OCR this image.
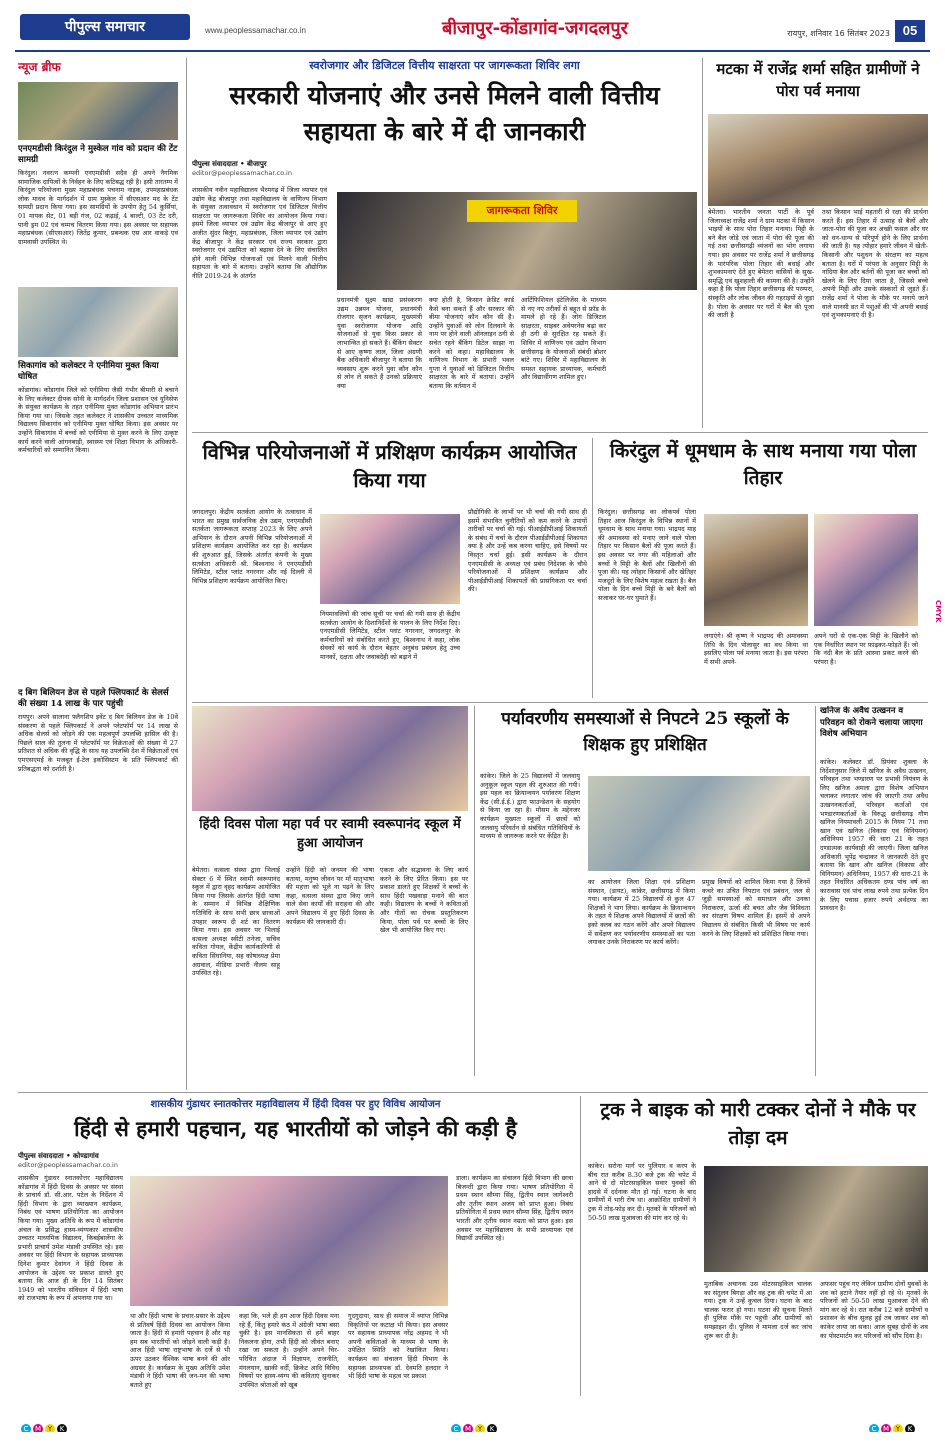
पीपुल्स समाचार	www.peoplessamachar.co.in	बीजापुर-कोंडागांव-जगदलपुर	रायपुर, शनिवार 16 सितंबर 2023 05
न्यूज ब्रीफ
एनएमडीसी किरंदुल ने मुस्केल गांव को प्रदान की टेंट सामग्री
किरंदुल। नवरत्न कम्पनी एनएमडीसी सदैव ही अपने नैगमिक सामाजिक दायित्वों के निर्वहन के लिए कटिबद्ध रही है। इसी तारतम्य में किरंदुल परियोजना मुख्य महाप्रबंधक पचनाम नाइक, उपमहाप्रबंधक लोक माधव के मार्गदर्शन में ग्राम मुस्केल में सीएसआर मद के टेंट सामग्री प्रदान किया गया। इस सामग्रियों के उपयोग हेतु 54 कुर्सियां, 01 मायक सेट, 01 बड़ी गंज, 02 कढ़ाई, 4 बाल्टी, 03 टेंट दरी, पानी ड्रम 02 एवं चम्मच वितरण किया गया। इस अवसर पर सहायक महाप्रबंधक (सीएसआर) जितेंद्र कुमार, प्रबन्धक एस आर वाकड़े एवं ग्रामवासी उपस्थित थे।
सिकागांव को कलेक्टर ने एनीमिया मुक्त किया घोषित
कोंडागांव। कोंडागांव जिले को एनीमिया जैसी गंभीर बीमारी से बचाने के लिए कलेक्टर दीपक सोनी के मार्गदर्शन जिला प्रशासन एवं यूनिसेफ के संयुक्त कार्यक्रम के तहत एनीमिया मुक्त कोंडागांव अभियान प्रारंभ किया गया था। जिसके तहत कलेक्टर ने शासकीय उच्चतर माध्यमिक विद्यालय सिकागांव को एनीमिया मुक्त घोषित किया। इस अवसर पर उन्होंने सिकागांव में बच्चों को एनीमिया से मुक्त करने के लिए उत्कृष्ट कार्य करने वाली आंगनबाड़ी, स्वास्थ्य एवं शिक्षा विभाग के अधिकारी-कर्मचारियों को सम्मानित किया।
द बिग बिलियन डेज से पहले फ्लिपकार्ट के सेलर्स की संख्या 14 लाख के पार पहुंची
रायपुर। अपने सालाना फ्लैगशिप इवेंट द बिग बिलियन डेज के 10वें संस्करण से पहले फ्लिपकार्ट ने अपने प्लेटफॉर्म पर 14 लाख से अधिक सेलर्स को जोड़ने की एक महत्वपूर्ण उपलब्धि हासिल की है। पिछले साल की तुलना में प्लेटफॉर्म पर विक्रेताओं की संख्या में 27 प्रतिशत से अधिक की वृद्धि के साथ यह उपलब्धि देश में विक्रेताओं एवं एमएसएमई के मजबूत ई-टेल इकोसिस्टम के प्रति फ्लिपकार्ट की प्रतिबद्धता को दर्शाती है।
स्वरोजगार और डिजिटल वित्तीय साक्षरता पर जागरूकता शिविर लगा
सरकारी योजनाएं और उनसे मिलने वाली वित्तीय सहायता के बारे में दी जानकारी
पीपुल्स संवाददाता • बीजापुर
editor@peoplessamachar.co.in
शासकीय नवीन महाविद्यालय भैरमगढ़ में जिला व्यापार एवं उद्योग केंद्र बीजापुर तथा महाविद्यालय के वाणिज्य विभाग के संयुक्त तत्वावधान में स्वरोजगार एवं डिजिटल वित्तीय साक्षरता पर जागरूकता शिविर का आयोजन किया गया। इसमें जिला व्यापार एवं उद्योग केंद्र बीजापुर से आए हुए अजीत सुंदर बिलुंग, महाप्रबंधक, जिला व्यापार एवं उद्योग केंद्र बीजापुर ने केंद्र सरकार एवं राज्य सरकार द्वारा स्वरोजगार एवं उद्यमिता को बढ़ावा देने के लिए संचालित होने वाली विभिन्न योजनाओं एवं मिलने वाली वित्तीय सहायता के बारे में बताया। उन्होंने बताया कि औद्योगिक नीति 2019-24 के अंतर्गत
जागरूकता शिविर
प्रधानमंत्री सूक्ष्म खाद्य प्रसंस्करण उद्यम उन्नयन योजना, प्रधानमंत्री रोजगार सृजन कार्यक्रम, मुख्यमंत्री युवा स्वरोजगार योजना आदि योजनाओं से युवा किस प्रकार से लाभान्वित हो सकते हैं। बैंकिंग सेक्टर से आए कृष्णा लाल, जिला अग्रणी बैंक अधिकारी बीजापुर ने बताया कि व्यवसाय शुरू करने युवा कौन कौन से लोन ले सकते हैं उनको प्रक्रियाएं क्या
क्या होती है, किसान क्रेडिट कार्ड कैसे बना सकते हैं और सरकार की बीमा योजनाएं कौन कौन सी है। उन्होंने युवाओं को लोन दिलवाने के नाम पर होने वाली ऑनलाइन ठगी से सचेत रहने बैंकिंग डिटेल साझा ना करने को कहा। महाविद्यालय के वाणिज्य विभाग के प्रभारी भवल गुप्ता ने युवाओं को डिजिटल वित्तीय साक्षरता के बारे में बताया। उन्होंने बताया कि वर्तमान में
आर्टिफिशियल इंटेलिजेंस के माध्यम से नए नए तरीकों से बहुत से फ्रॉड के मामले हो रहे हैं। लोग डिजिटल साक्षरता, साइबर अवेयरनेस बढ़ा कर ही ठगी से सुरक्षित रह सकते हैं। शिविर में वाणिज्य एवं उद्योग विभाग छत्तीसगढ़ के योजनाओं संबंधी ब्रोशर बांटे गए। शिविर में महाविद्यालय के समस्त सहायक प्राध्यापक, कर्मचारी और विद्यार्थीगण शामिल हुए।
मटका में राजेंद्र शर्मा सहित ग्रामीणों ने पोरा पर्व मनाया
बेमेतरा। भारतीय जनता पार्टी के पूर्व जिलाध्यक्ष राजेंद्र शर्मा ने ग्राम मटका में किसान भाइयों के साथ पोरा तिहार मनाया। मिट्टी के बने बैल जोड़े एवं जाता में पोरा की पूजा की गई तथा छत्तीसगढ़ी व्यंजनों का भोग लगाया गया। इस अवसर पर राजेंद्र शर्मा ने छत्तीसगढ़ के पारंपरिक पोला तिहार की बधाई और शुभकामनाएं देते हुए बेमेतरा वासियों के सुख-समृद्धि एवं खुशहाली की कामना की है। उन्होंने कहा है कि पोला तिहार छत्तीसगढ़ की परम्परा, संस्कृति और लोक जीवन की गहराइयों से जुड़ा है। पोला के अवसर पर घरों में बैल की पूजा की जाती है
तथा किसान भाई महतारी से रक्षा की प्रार्थना करते हैं। इस तिहार में उत्साह से बैलों और जाता-पोरा की पूजा कर अच्छी फसल और घर को धन-धान्य से परिपूर्ण होने के लिए प्रार्थना की जाती है। यह त्योहार हमारे जीवन में खेती-किसानी और पशुधन के संरक्षण का महत्व बताता है। घरों में परंपरा के अनुसार मिट्टी के नांदिया बैल और बर्तनों की पूजा कर बच्चों को खेलने के लिए दिया जाता है, जिससे बच्चे अपनी मिट्टी और उसके संस्कारों से जुड़ते हैं। राजेंद्र शर्मा ने पोला के मौके पर मनाये जाने वाले मानसी व्रत में पशुओं की भी अपनी बधाई एवं शुभकामनाएं दी है।
विभिन्न परियोजनाओं में प्रशिक्षण कार्यक्रम आयोजित किया गया
जगदलपुर। केंद्रीय सतर्कता आयोग के तत्वाधान में भारत का प्रमुख सार्वजनिक क्षेत्र उद्यम, एनएमडीसी सतर्कता जागरूकता सप्ताह 2023 के लिए अपने अभियान के दौरान अपनी विभिन्न परियोजनाओं में प्रशिक्षण कार्यक्रम आयोजित कर रहा है। कार्यक्रम की शुरुआत हुई, जिसके अंतर्गत कंपनी के मुख्य सतर्कता अधिकारी श्री. बिश्वनाथ ने एनएमडीसी लिमिटेड, स्टील प्लांट नगरनार और नई दिल्ली में विभिन्न प्रशिक्षण कार्यक्रम आयोजित किए।
नियमावलियों की जांच सूची पर चर्चा की गयी साथ ही केंद्रीय सतर्कता आयोग के दिशानिर्देशों के पालन के लिए निर्देश दिए। एनएमडीसी लिमिटेड, स्टील प्लांट नगरनार, जगदलपुर के कर्मचारियों को संबोधित करते हुए, बिश्वनाथ ने कहा, लोक सेवकों को कार्य के दौरान बेहतर अनुबंध प्रबंधन हेतु उच्च मानकों, दक्षता और जवाबदेही को बढ़ाने में
प्रौद्योगिकी के लाभों पर भी चर्चा की गयी साथ ही इसमें संभावित चुनौतियों को कम करने के उपायों तारीकों पर चर्चा की गई। पीआईडीपीआई शिकायतों के संबंध में चर्चा के दौरान पीआईडीपीआई शिकायत क्या है और उन्हें कब करना चाहिए, इसे विषयों पर विस्तृत चर्चा हुई। इसी कार्यक्रम के दौरान एनएमडीसी के अध्यक्ष एवं प्रबंध निदेशक के चौथे परियोजनाओं में प्रशिक्षण कार्यक्रम और पीआईडीपीआई शिकायतों की प्रासंगिकता पर चर्चा की।
किरंदुल में धूमधाम के साथ मनाया गया पोला तिहार
किरंदुल। छत्तीसगढ़ का लोकपर्व पोला तिहार आज किरंदुल के विभिन्न स्थानों में धूमधाम के साथ मनाया गया। भाद्रपद माह की अमावस्या को मनाए जाने वाले पोला तिहार पर किसान बैलों की पूजा करते हैं। इस अवसर पर नगर की महिलाओं और बच्चों ने मिट्टी के बैलों और खिलौनों की पूजा की। यह त्योहार किसानों और खेतिहर मजदूरों के लिए विशेष महत्व रखता है। बैल पोला के दिन बच्चे मिट्टी के बने बैलों को सजाकर घर-घर घुमाते हैं।
लगाएंगे। श्री कृष्ण ने भाद्रपद की अमावस्या तिथि के दिन पोलासुर का वध किया था इसलिए पोला पर्व मनाया जाता है। इस परंपरा में सभी अपने-
अपने घरों से एक-एक मिट्टी के खिलौने को एक निर्धारित स्थान पर फ़ाढ़कर-फोड़ते हैं। जो कि नंदी बैल के प्रति आस्था प्रकट करने की परंपरा है।
CMYK
हिंदी दिवस पोला महा पर्व पर स्वामी स्वरूपानंद स्कूल में हुआ आयोजन
बेमेतरा। वत्सला संस्था द्वारा भिलाई सेक्टर 6 में स्थित स्वामी स्वरूपानंद स्कूल में द्वारा वृहद कार्यक्रम आयोजित किया गया जिसके अंतर्गत हिंदी भाषा के सम्मान में विभिन्न शैक्षिणिक गतिविधि के साथ सभी छात्र छात्राओं उपहार स्वरूप दी शर्ट का वितरण किया गया। इस अवसर पर भिलाई वत्सला अध्यक्ष स्वीटी तनेजा, सचिव कविता गोयल, केंद्रीय कार्यकारिणी से कविता सिंघानिया, सह कोषाध्यक्ष प्रेमा अग्रवाल, मीडिया प्रभारी नीलम साहू उपस्थित रहे।
उन्होंने हिंदी को जनमन की भाषा बताया, मनुष्य जीवन पर माँ मातृभाषा की महत्ता को भूले ना पढ़ने के लिए कहा, वत्सला संस्था द्वारा किए जाने वाले सेवा कार्यों की सराहना की और अपने विद्यालय में हुए हिंदी दिवस के कार्यक्रम की जानकारी दी।
एकता और सद्भावना के लिए कार्य करने के लिए प्रेरित किया। इस पर प्रकाश डालते हुए शिक्षकों ने बच्चों के साथ हिंदी पखवाड़ा मनाने की बात कही। विद्यालय के बच्चों ने कविताओं और गीतों का रोचक प्रस्तुतिकरण किया, पोला पर्व पर बच्चों के लिए खेल भी आयोजित किए गए।
पर्यावरणीय समस्याओं से निपटने 25 स्कूलों के शिक्षक हुए प्रशिक्षित
कांकेर। जिले के 25 विद्यालयों में जलवायु अनुकूल स्कूल पहल की शुरुआत की गयी। इस पहल का क्रियान्वयन पर्यावरण शिक्षण केंद्र (सी.ई.ई.) द्वारा फाउन्डेशन के सहयोग से किया जा रहा है। मौसम के मद्देनजर कार्यक्रम मुख्यतः स्कूलों में छात्रों को जलवायु परिवर्तन से संबंधित गतिविधियों के माध्यम से जागरूक करने पर केंद्रित है।
का आयोजन जिला शिक्षा एवं प्रशिक्षण संस्थान, (डायट), कांकेर, छत्तीसगढ़ में किया गया। कार्यक्रम में 25 विद्यालयों से कुल 47 शिक्षकों ने भाग लिया। कार्यक्रम के क्रियान्वयन के तहत ये शिक्षक अपने विद्यालयों में छात्रों की इको क्लब का गठन करेंगे और अपने विद्यालय में सर्वेक्षण कर पर्यावरणीय समस्याओं का पता लगाकर उनके निराकरण पर कार्य करेंगे।
प्रमुख विषयों को शामिल किया गया है जिनमें कचरे का उचित निपटान एवं प्रबंधन, जल से जुड़ी समस्याओं को समाधान और उनका निराकरण, ऊर्जा की बचत और जैव विविधता का संरक्षण विषय शामिल हैं। इसमें से अपने विद्यालय से संबंधित किसी भी विषय पर कार्य करने के लिए शिक्षकों को प्रशिक्षित किया गया।
खनिज के अवैध उत्खनन व परिवहन को रोकने चलाया जाएगा विशेष अभियान
कांकेर। कलेक्टर डॉ. प्रियंका शुक्ला के निर्देशानुसार जिले में खनिज के अवैध उत्खनन, परिवहन तथा भण्डारण पर प्रभावी नियंत्रण के लिए खनिज अमला द्वारा विशेष अभियान चलाकर लगातार जांच की जाएगी तथा अवैध उत्खननकर्ताओं, परिवहन कर्ताओं एवं भण्डारणकर्ताओं के विरुद्ध छत्तीसगढ़ गौण खनिज नियमावली 2015 के नियम 71 तथा खान एवं खनिज (विकास एवं विनियमन) अधिनियम 1957 की धारा 21 के तहत दण्डात्मक कार्यवाही की जाएगी। जिला खनिज अधिकारी भूपेंद्र चन्द्राकर ने जानकारी देते हुए बताया कि खान और खनिज (विकास और विनियमन) अधिनियम, 1957 की धारा-21 के तहत निर्धारित अधिकतम दण्ड पांच वर्ष का कारावास एवं पांच लाख रुपये तथा प्रत्येक दिन के लिए पचास हजार रुपये अर्थदण्ड का प्रावधान है।
शासकीय गुंडाधर स्नातकोत्तर महाविद्यालय में हिंदी दिवस पर हुए विविध आयोजन
हिंदी से हमारी पहचान, यह भारतीयों को जोड़ने की कड़ी है
पीपुल्स संवाददाता • कोण्डागांव
editor@peoplessamachar.co.in
शासकीय गुंडाधर स्नातकोत्तर महाविद्यालय कोंडागांव में हिंदी दिवस के अवसर पर संस्था के प्राचार्य डॉ. सी.आर. पटेल के निर्देशन में हिंदी विभाग के द्वारा व्याख्यान कार्यक्रम, निबंध एवं भाषण प्रतियोगिता का आयोजन किया गया। मुख्य अतिथि के रूप में कोंडागांव अंचल के प्रसिद्ध हास्य-व्यंग्यकार शासकीय उच्चतर माध्यमिक विद्यालय, किबईबालेंगा के प्रभारी प्राचार्य उमेश मंडावी उपस्थित रहे। इस अवसर पर हिंदी विभाग के सहायक प्राध्यापक दिनेश कुमार देवांगन ने हिंदी दिवस के आयोजन के उद्देश्य पर प्रकाश डालते हुए बताया कि आज ही के दिन 14 सितंबर 1949 को भारतीय संविधान में हिंदी भाषा को राजभाषा के रूप में अपनाया गया था।
था और हिंदी भाषा के प्रचार-प्रसार के उद्देश्य से प्रतिवर्ष हिंदी दिवस का आयोजन किया जाता है। हिंदी से हमारी पहचान है और यह हम सब भारतीयों को जोड़ने वाली कड़ी है। आज हिंदी भाषा राष्ट्रभाषा के दर्जे से भी ऊपर उठकर वैश्विक भाषा बनने की ओर अग्रसर है। कार्यक्रम के मुख्य अतिथि उमेश मंडावी ने हिंदी भाषा की जन-मन की भाषा बताते हुए
कहा कि, भले ही हम आज हिंदी दिवस मना रहे हैं, किंतु हमारे कंठ में अंग्रेजी भाषा बसा चुकी है। इस मानसिकता से हमें बाहर निकलना होगा, तभी हिंदी को जीवंत बनाए रखा जा सकता है। उन्होंने अपने चिर-परिचित अंदाज में विज्ञापन, राजनीति, मंगलयान, खाकी वर्दी, क्रिकेट आदि विविध विषयों पर हास्य-व्यंग्य की कविताएं सुनाकर उपस्थित श्रोताओं को खूब
गुदगुदाया, साथ ही समाज में व्याप्त विभिन्न विकृतियों पर कटाक्ष भी किया। इस अवसर पर सहायक प्राध्यापक नरेंद्र अहमद ने भी अपनी कविताओं के माध्यम से भाषा के उपेक्षित स्थिति को रेखांकित किया। कार्यक्रम का संचालन हिंदी विभाग के सहायक प्राध्यापक डॉ. देवमति हलदार ने भी हिंदी भाषा के महत्व पर प्रकाश
डाला। कार्यक्रम का संचालन हिंदी विभाग की छात्रा बिजन्ती द्वारा किया गया। भाषण प्रतियोगिता में प्रथम स्थान सौम्या सिंह, द्वितीय स्थान जागेश्वरी और तृतीय स्थान अजय को प्राप्त हुआ। निबंध प्रतियोगिता में प्रथम स्थान सौम्या सिंह, द्वितीय स्थान भारती और तृतीय स्थान नम्रता को प्राप्त हुआ। इस अवसर पर महाविद्यालय के सभी प्राध्यापक एवं विद्यार्थी उपस्थित रहे।
ट्रक ने बाइक को मारी टक्कर दोनों ने मौके पर तोड़ा दम
कांकेर। सरोना मार्ग पर पुलियार व करप के बीच रात करीब 8.30 बजे ट्रक की चपेट में आने से दो मोटरसाइकिल सवार युवकों की हादसे में दर्दनाक मौत हो गई। घटना के बाद ग्रामीणों में भारी रोष था। आक्रोशित ग्रामीणों ने ट्रक में तोड़-फोड़ कर दी। मृतकों के परिजनों को 50-50 लाख मुआवजा की मांग कर रहे थे।
मुताबिक अचानक उस मोटरसाइकिल चालक का संतुलन बिगड़ा और वह ट्रक की चपेट में आ गया। ट्रक ने उन्हें कुचल दिया। घटना के बाद चालक फरार हो गया। घटना की सूचना मिलते ही पुलिस मौके पर पहुंची और ग्रामीणों को समझाइश दी। पुलिस ने मामला दर्ज कर जांच शुरू कर दी है।
अफसर पहुंच गए लेकिन ग्रामीण दोनों युवकों के शव को हटाने तैयार नहीं हो रहे थे। मृतकों के परिजनों को 50-50 लाख मुआवजा देने की मांग कर रहे थे। रात करीब 12 बजे ग्रामीणों व प्रशासन के बीच सुलह हुई तब जाकर शव को कांकेर लाया जा सका। आज सुबह दोनों के शव का पोस्टमार्टम कर परिजनों को सौंप दिया है।
C M Y K	C M Y K	C M Y K
